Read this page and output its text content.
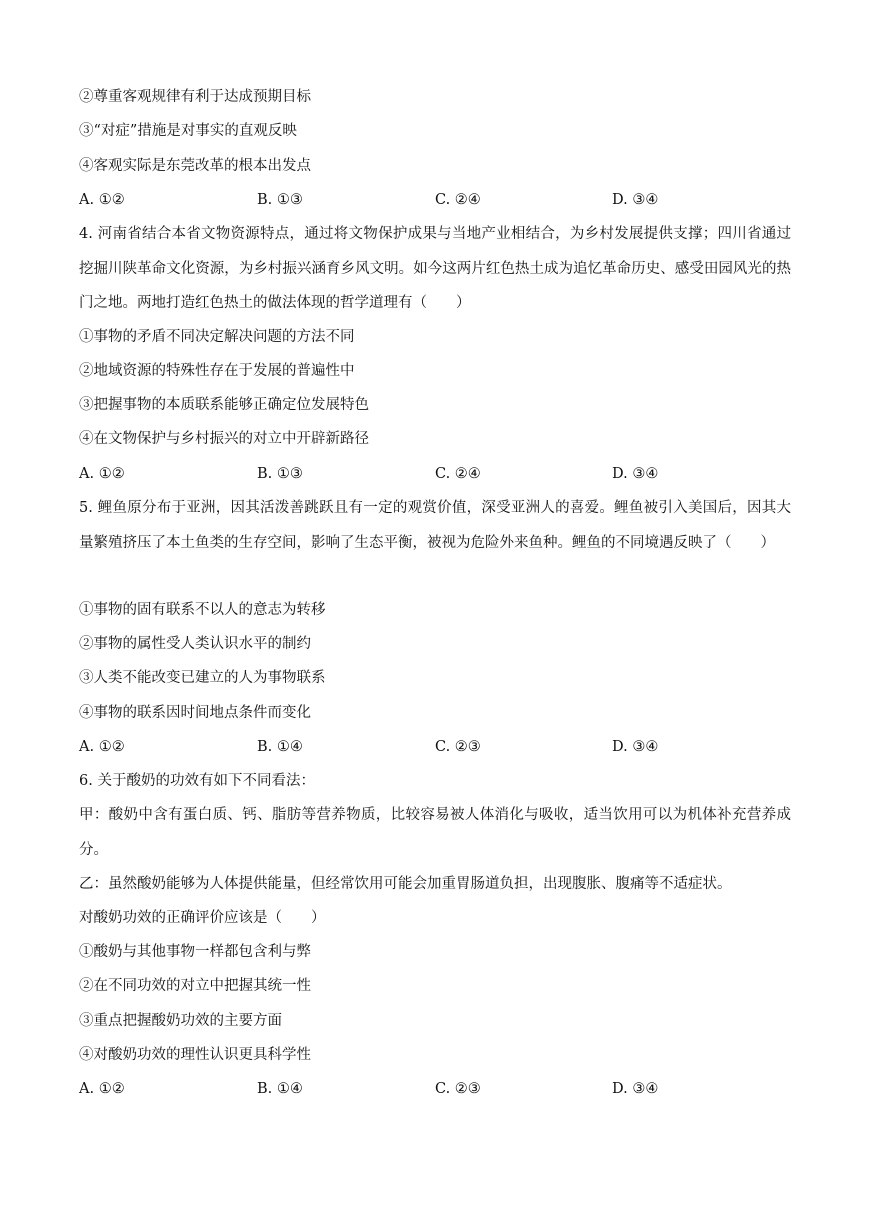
②尊重客观规律有利于达成预期目标
③“对症”措施是对事实的直观反映
④客观实际是东莞改革的根本出发点
A. ①②	B. ①③	C. ②④	D. ③④
4. 河南省结合本省文物资源特点，通过将文物保护成果与当地产业相结合，为乡村发展提供支撑；四川省通过挖掘川陕革命文化资源，为乡村振兴涵育乡风文明。如今这两片红色热土成为追忆革命历史、感受田园风光的热门之地。两地打造红色热土的做法体现的哲学道理有（　　）
①事物的矛盾不同决定解决问题的方法不同
②地域资源的特殊性存在于发展的普遍性中
③把握事物的本质联系能够正确定位发展特色
④在文物保护与乡村振兴的对立中开辟新路径
A. ①②	B. ①③	C. ②④	D. ③④
5. 鲤鱼原分布于亚洲，因其活泼善跳跃且有一定的观赏价值，深受亚洲人的喜爱。鲤鱼被引入美国后，因其大量繁殖挤压了本土鱼类的生存空间，影响了生态平衡，被视为危险外来鱼种。鲤鱼的不同境遇反映了（　　）
①事物的固有联系不以人的意志为转移
②事物的属性受人类认识水平的制约
③人类不能改变已建立的人为事物联系
④事物的联系因时间地点条件而变化
A. ①②	B. ①④	C. ②③	D. ③④
6. 关于酸奶的功效有如下不同看法：
甲：酸奶中含有蛋白质、钙、脂肪等营养物质，比较容易被人体消化与吸收，适当饮用可以为机体补充营养成分。
乙：虽然酸奶能够为人体提供能量，但经常饮用可能会加重胃肠道负担，出现腹胀、腹痛等不适症状。
对酸奶功效的正确评价应该是（　　）
①酸奶与其他事物一样都包含利与弊
②在不同功效的对立中把握其统一性
③重点把握酸奶功效的主要方面
④对酸奶功效的理性认识更具科学性
A. ①②	B. ①④	C. ②③	D. ③④
